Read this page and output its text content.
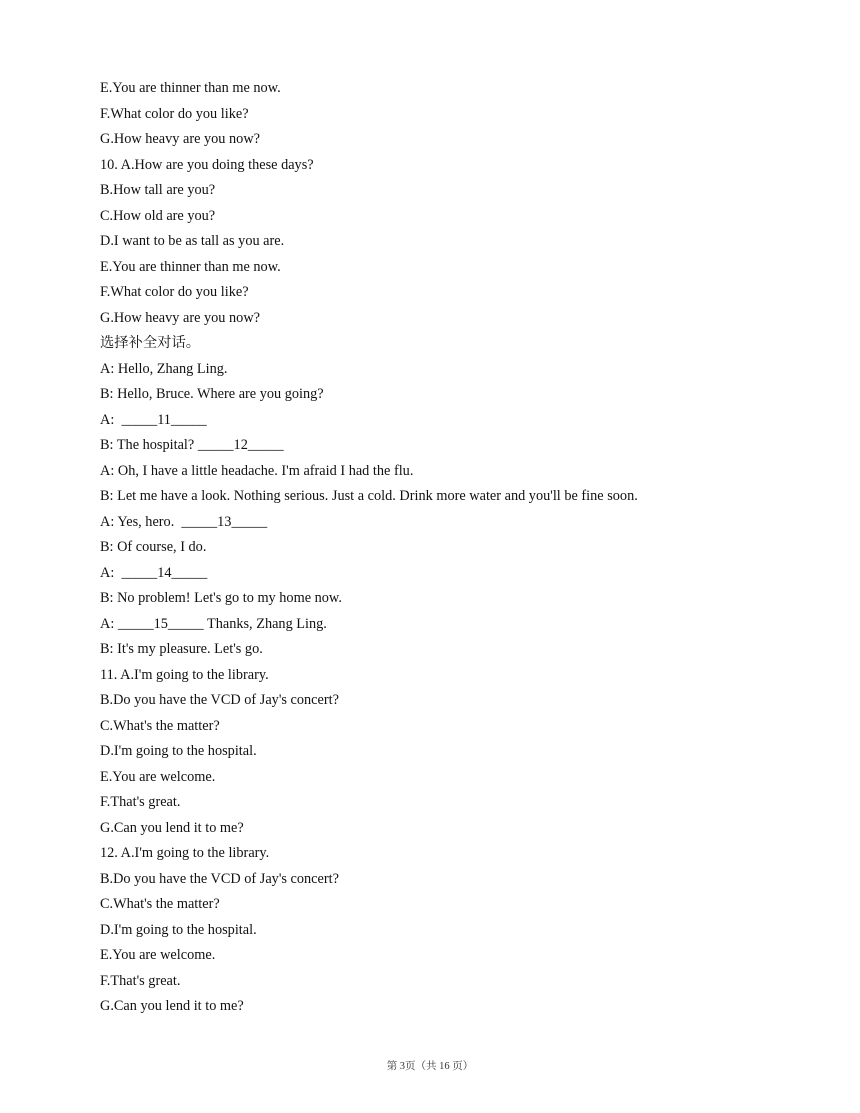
E.You are thinner than me now.
F.What color do you like?
G.How heavy are you now?
10. A.How are you doing these days?
B.How tall are you?
C.How old are you?
D.I want to be as tall as you are.
E.You are thinner than me now.
F.What color do you like?
G.How heavy are you now?
选择补全对话。
A: Hello, Zhang Ling.
B: Hello, Bruce. Where are you going?
A:  _____11_____
B: The hospital? _____12_____
A: Oh, I have a little headache. I'm afraid I had the flu.
B: Let me have a look. Nothing serious. Just a cold. Drink more water and you'll be fine soon.
A: Yes, hero.  _____13_____
B: Of course, I do.
A:  _____14_____
B: No problem! Let's go to my home now.
A: _____15_____ Thanks, Zhang Ling.
B: It's my pleasure. Let's go.
11. A.I'm going to the library.
B.Do you have the VCD of Jay's concert?
C.What's the matter?
D.I'm going to the hospital.
E.You are welcome.
F.That's great.
G.Can you lend it to me?
12. A.I'm going to the library.
B.Do you have the VCD of Jay's concert?
C.What's the matter?
D.I'm going to the hospital.
E.You are welcome.
F.That's great.
G.Can you lend it to me?
第 3页（共 16 页）
